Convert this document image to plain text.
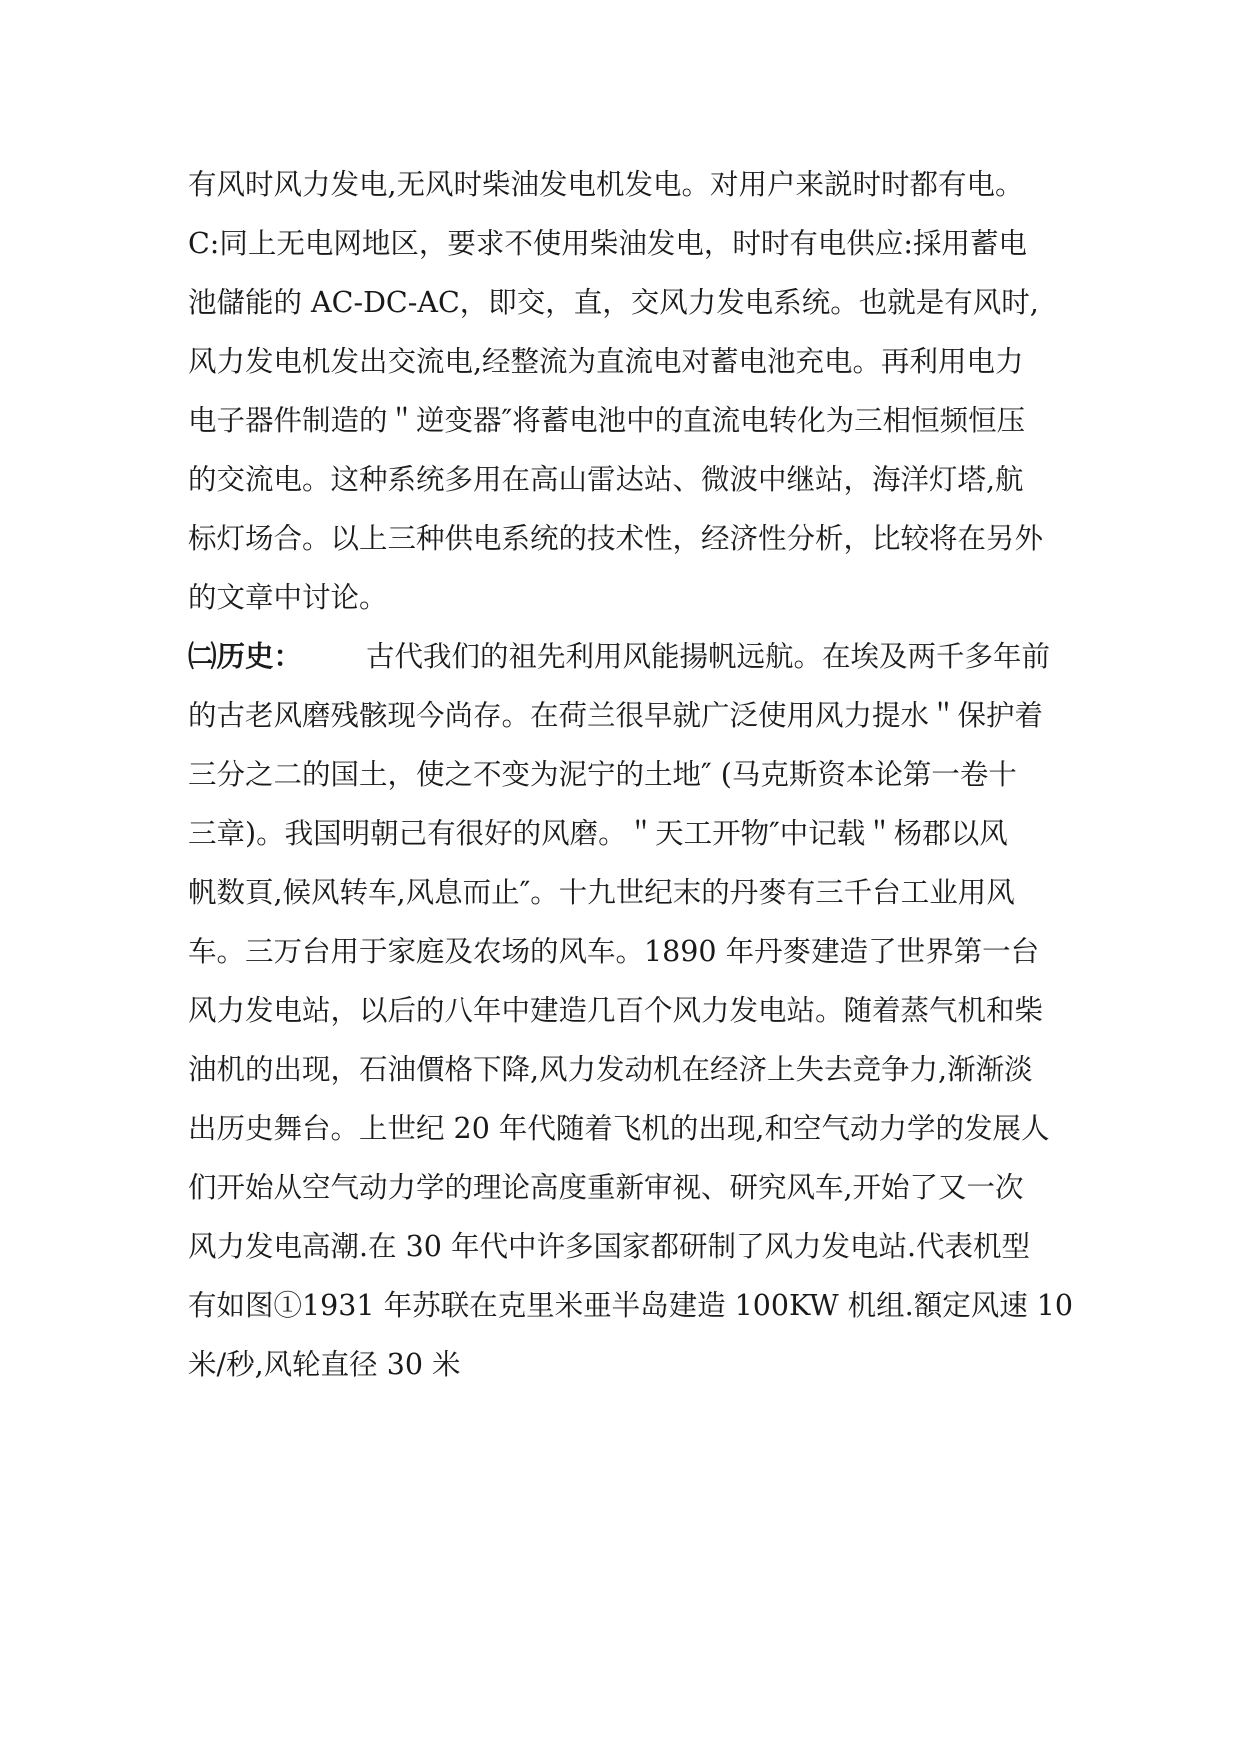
有风时风力发电,无风时柴油发电机发电。对用户来説时时都有电。
C:同上无电网地区，要求不使用柴油发电，时时有电供应:採用蓄电
池儲能的 AC-DC-AC，即交，直，交风力发电系统。也就是有风时,
风力发电机发出交流电,经整流为直流电对蓄电池充电。再利用电力
电子器件制造的＂逆变器″将蓄电池中的直流电转化为三相恒频恒压
的交流电。这种系统多用在高山雷达站、微波中继站，海洋灯塔,航
标灯场合。以上三种供电系统的技术性，经济性分析，比较将在另外
的文章中讨论。
㈡历史： 古代我们的祖先利用风能揚帆远航。在埃及两千多年前
的古老风磨残骸现今尚存。在荷兰很早就广泛使用风力提水＂保护着
三分之二的国土，使之不变为泥宁的土地″ (马克斯资本论第一卷十
三章)。我国明朝己有很好的风磨。＂天工开物″中记载＂杨郡以风
帆数頁,候风转车,风息而止″。十九世纪末的丹麥有三千台工业用风
车。三万台用于家庭及农场的风车。1890 年丹麥建造了世界第一台
风力发电站，以后的八年中建造几百个风力发电站。随着蒸气机和柴
油机的出现，石油價格下降,风力发动机在经济上失去竞争力,渐渐淡
出历史舞台。上世纪 20 年代随着飞机的出现,和空气动力学的发展人
们开始从空气动力学的理论高度重新审视、研究风车,开始了又一次
风力发电高潮.在 30 年代中许多国家都研制了风力发电站.代表机型
有如图①1931 年苏联在克里米亜半岛建造 100KW 机组.額定风速 10
米/秒,风轮直径 30 米
